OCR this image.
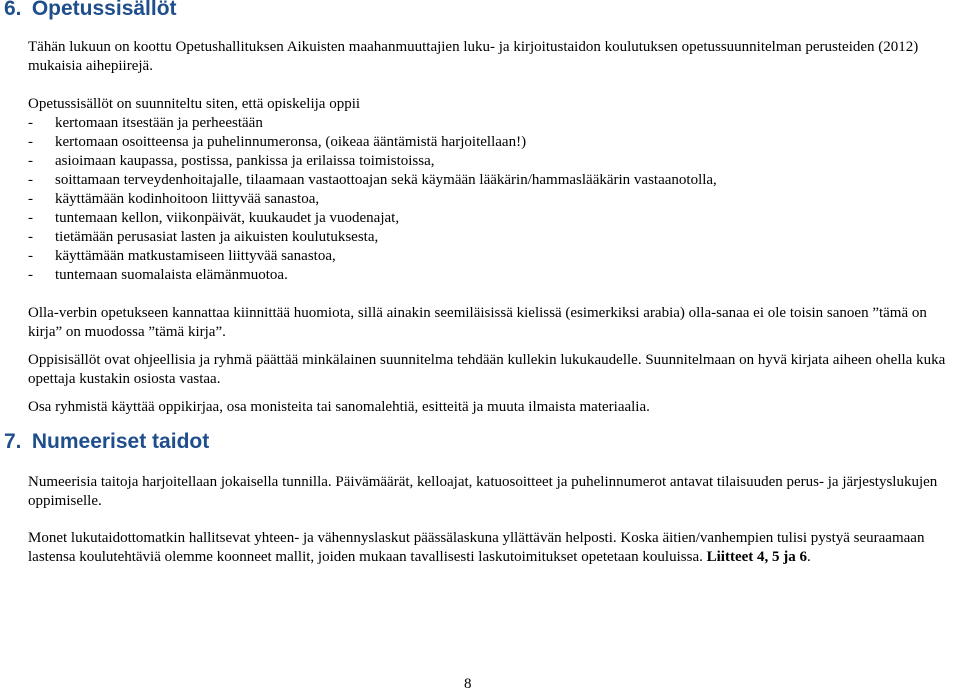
6. Opetussisällöt

Tähän lukuun on koottu Opetushallituksen Aikuisten maahanmuuttajien luku- ja kirjoitustaidon koulutuksen opetussuunnitelman perusteiden (2012) mukaisia aihepiirejä.

Opetussisällöt on suunniteltu siten, että opiskelija oppii

- kertomaan itsestään ja perheestään
- kertomaan osoitteensa ja puhelinnumeronsa, (oikeaa ääntämistä harjoitellaan!)
- asioimaan kaupassa, postissa, pankissa ja erilaissa toimistoissa,
- soittamaan terveydenhoitajalle, tilaamaan vastaottoajan sekä käymään lääkärin/hammaslääkärin vastaanotolla,
- käyttämään kodinhoitoon liittyvää sanastoa,
- tuntemaan kellon, viikonpäivät, kuukaudet ja vuodenajat,
- tietämään perusasiat lasten ja aikuisten koulutuksesta,
- käyttämään matkustamiseen liittyvää sanastoa,
- tuntemaan suomalaista elämänmuotoa.

Olla-verbin opetukseen kannattaa kiinnittää huomiota, sillä ainakin seemiläisissä kielissä (esimerkiksi arabia) olla-sanaa ei ole toisin sanoen ”tämä on kirja” on muodossa ”tämä kirja”.

Oppisisällöt ovat ohjeellisia ja ryhmä päättää minkälainen suunnitelma tehdään kullekin lukukaudelle. Suunnitelmaan on hyvä kirjata aiheen ohella kuka opettaja kustakin osiosta vastaa.

Osa ryhmistä käyttää oppikirjaa, osa monisteita tai sanomalehtiä, esitteitä ja muuta ilmaista materiaalia.

7. Numeeriset taidot

Numeerisia taitoja harjoitellaan jokaisella tunnilla. Päivämäärät, kelloajat, katuosoitteet ja puhelinnumerot antavat tilaisuuden perus- ja järjestyslukujen oppimiselle.

Monet lukutaidottomatkin hallitsevat yhteen- ja vähennyslaskut päässälaskuna yllättävän helposti. Koska äitien/vanhempien tulisi pystyä seuraamaan lastensa koulutehtäviä olemme koonneet mallit, joiden mukaan tavallisesti laskutoimitukset opetetaan kouluissa. Liitteet 4, 5 ja 6.

8
